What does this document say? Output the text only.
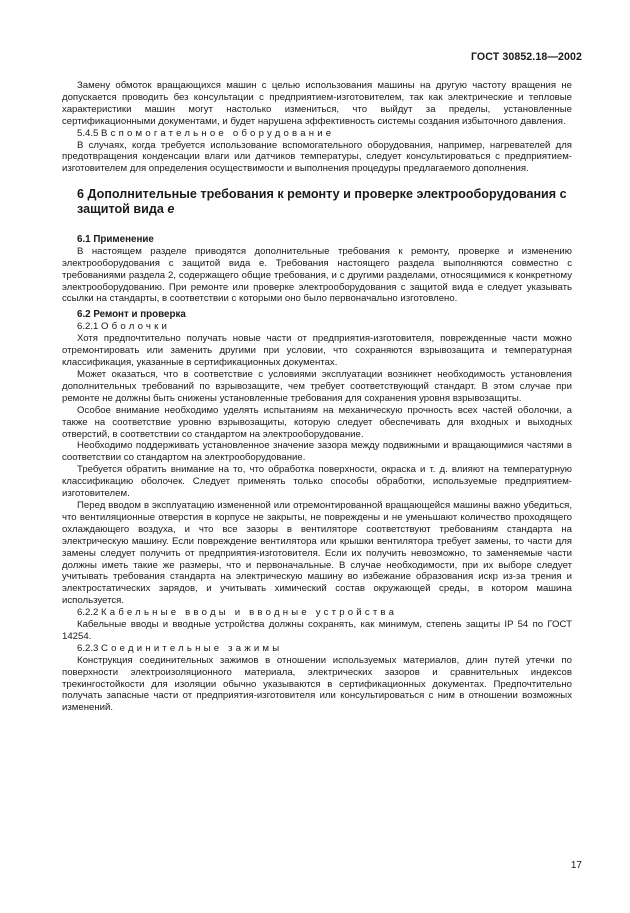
ГОСТ 30852.18—2002

Замену обмоток вращающихся машин с целью использования машины на другую частоту вращения не допускается проводить без консультации с предприятием-изготовителем, так как электрические и тепловые характеристики машин могут настолько измениться, что выйдут за пределы, установленные сертификационными документами, и будет нарушена эффективность системы создания избыточного давления.

5.4.5 Вспомогательное оборудование

В случаях, когда требуется использование вспомогательного оборудования, например, нагревателей для предотвращения конденсации влаги или датчиков температуры, следует консультироваться с предприятием-изготовителем для определения осуществимости и выполнения процедуры предлагаемого дополнения.

6 Дополнительные требования к ремонту и проверке электрооборудования с защитой вида е
6.1 Применение

В настоящем разделе приводятся дополнительные требования к ремонту, проверке и изменению электрооборудования с защитой вида е. Требования настоящего раздела выполняются совместно с требованиями раздела 2, содержащего общие требования, и с другими разделами, относящимися к конкретному электрооборудованию. При ремонте или проверке электрооборудования с защитой вида е следует указывать ссылки на стандарты, в соответствии с которыми оно было первоначально изготовлено.

6.2 Ремонт и проверка
6.2.1 Оболочки

Хотя предпочтительно получать новые части от предприятия-изготовителя, поврежденные части можно отремонтировать или заменить другими при условии, что сохраняются взрывозащита и температурная классификация, указанные в сертификационных документах.

Может оказаться, что в соответствие с условиями эксплуатации возникнет необходимость установления дополнительных требований по взрывозащите, чем требует соответствующий стандарт. В этом случае при ремонте не должны быть снижены установленные требования для сохранения уровня взрывозащиты.

Особое внимание необходимо уделять испытаниям на механическую прочность всех частей оболочки, а также на соответствие уровню взрывозащиты, которую следует обеспечивать для входных и выходных отверстий, в соответствии со стандартом на электрооборудование.

Необходимо поддерживать установленное значение зазора между подвижными и вращающимися частями в соответствии со стандартом на электрооборудование.

Требуется обратить внимание на то, что обработка поверхности, окраска и т. д. влияют на температурную классификацию оболочек. Следует применять только способы обработки, используемые предприятием-изготовителем.

Перед вводом в эксплуатацию измененной или отремонтированной вращающейся машины важно убедиться, что вентиляционные отверстия в корпусе не закрыты, не повреждены и не уменьшают количество проходящего охлаждающего воздуха, и что все зазоры в вентиляторе соответствуют требованиям стандарта на электрическую машину. Если повреждение вентилятора или крышки вентилятора требует замены, то части для замены следует получить от предприятия-изготовителя. Если их получить невозможно, то заменяемые части должны иметь такие же размеры, что и первоначальные. В случае необходимости, при их выборе следует учитывать требования стандарта на электрическую машину во избежание образования искр из-за трения и электростатических зарядов, и учитывать химический состав окружающей среды, в котором машина используется.

6.2.2 Кабельные вводы и вводные устройства

Кабельные вводы и вводные устройства должны сохранять, как минимум, степень защиты IP 54 по ГОСТ 14254.

6.2.3 Соединительные зажимы

Конструкция соединительных зажимов в отношении используемых материалов, длин путей утечки по поверхности электроизоляционного материала, электрических зазоров и сравнительных индексов трекингостойкости для изоляции обычно указываются в сертификационных документах. Предпочтительно получать запасные части от предприятия-изготовителя или консультироваться с ним в отношении возможных изменений.

17
